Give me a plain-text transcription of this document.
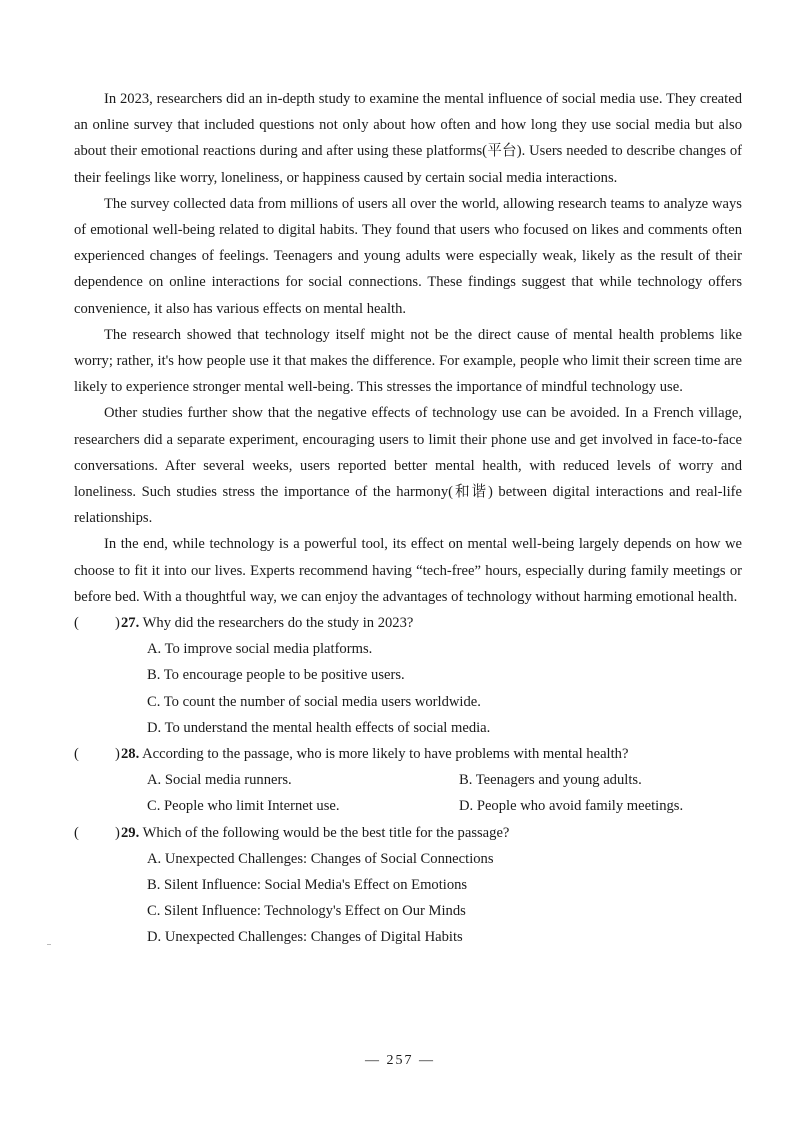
In 2023, researchers did an in-depth study to examine the mental influence of social media use. They created an online survey that included questions not only about how often and how long they use social media but also about their emotional reactions during and after using these platforms(平台). Users needed to describe changes of their feelings like worry, loneliness, or happiness caused by certain social media interactions.

The survey collected data from millions of users all over the world, allowing research teams to analyze ways of emotional well-being related to digital habits. They found that users who focused on likes and comments often experienced changes of feelings. Teenagers and young adults were especially weak, likely as the result of their dependence on online interactions for social connections. These findings suggest that while technology offers convenience, it also has various effects on mental health.

The research showed that technology itself might not be the direct cause of mental health problems like worry; rather, it's how people use it that makes the difference. For example, people who limit their screen time are likely to experience stronger mental well-being. This stresses the importance of mindful technology use.

Other studies further show that the negative effects of technology use can be avoided. In a French village, researchers did a separate experiment, encouraging users to limit their phone use and get involved in face-to-face conversations. After several weeks, users reported better mental health, with reduced levels of worry and loneliness. Such studies stress the importance of the harmony(和谐) between digital interactions and real-life relationships.

In the end, while technology is a powerful tool, its effect on mental well-being largely depends on how we choose to fit it into our lives. Experts recommend having “tech-free” hours, especially during family meetings or before bed. With a thoughtful way, we can enjoy the advantages of technology without harming emotional health.

( ) 27. Why did the researchers do the study in 2023?
A. To improve social media platforms.
B. To encourage people to be positive users.
C. To count the number of social media users worldwide.
D. To understand the mental health effects of social media.
( ) 28. According to the passage, who is more likely to have problems with mental health?
A. Social media runners.	B. Teenagers and young adults.
C. People who limit Internet use.	D. People who avoid family meetings.
( ) 29. Which of the following would be the best title for the passage?
A. Unexpected Challenges: Changes of Social Connections
B. Silent Influence: Social Media's Effect on Emotions
C. Silent Influence: Technology's Effect on Our Minds
D. Unexpected Challenges: Changes of Digital Habits
— 257 —
